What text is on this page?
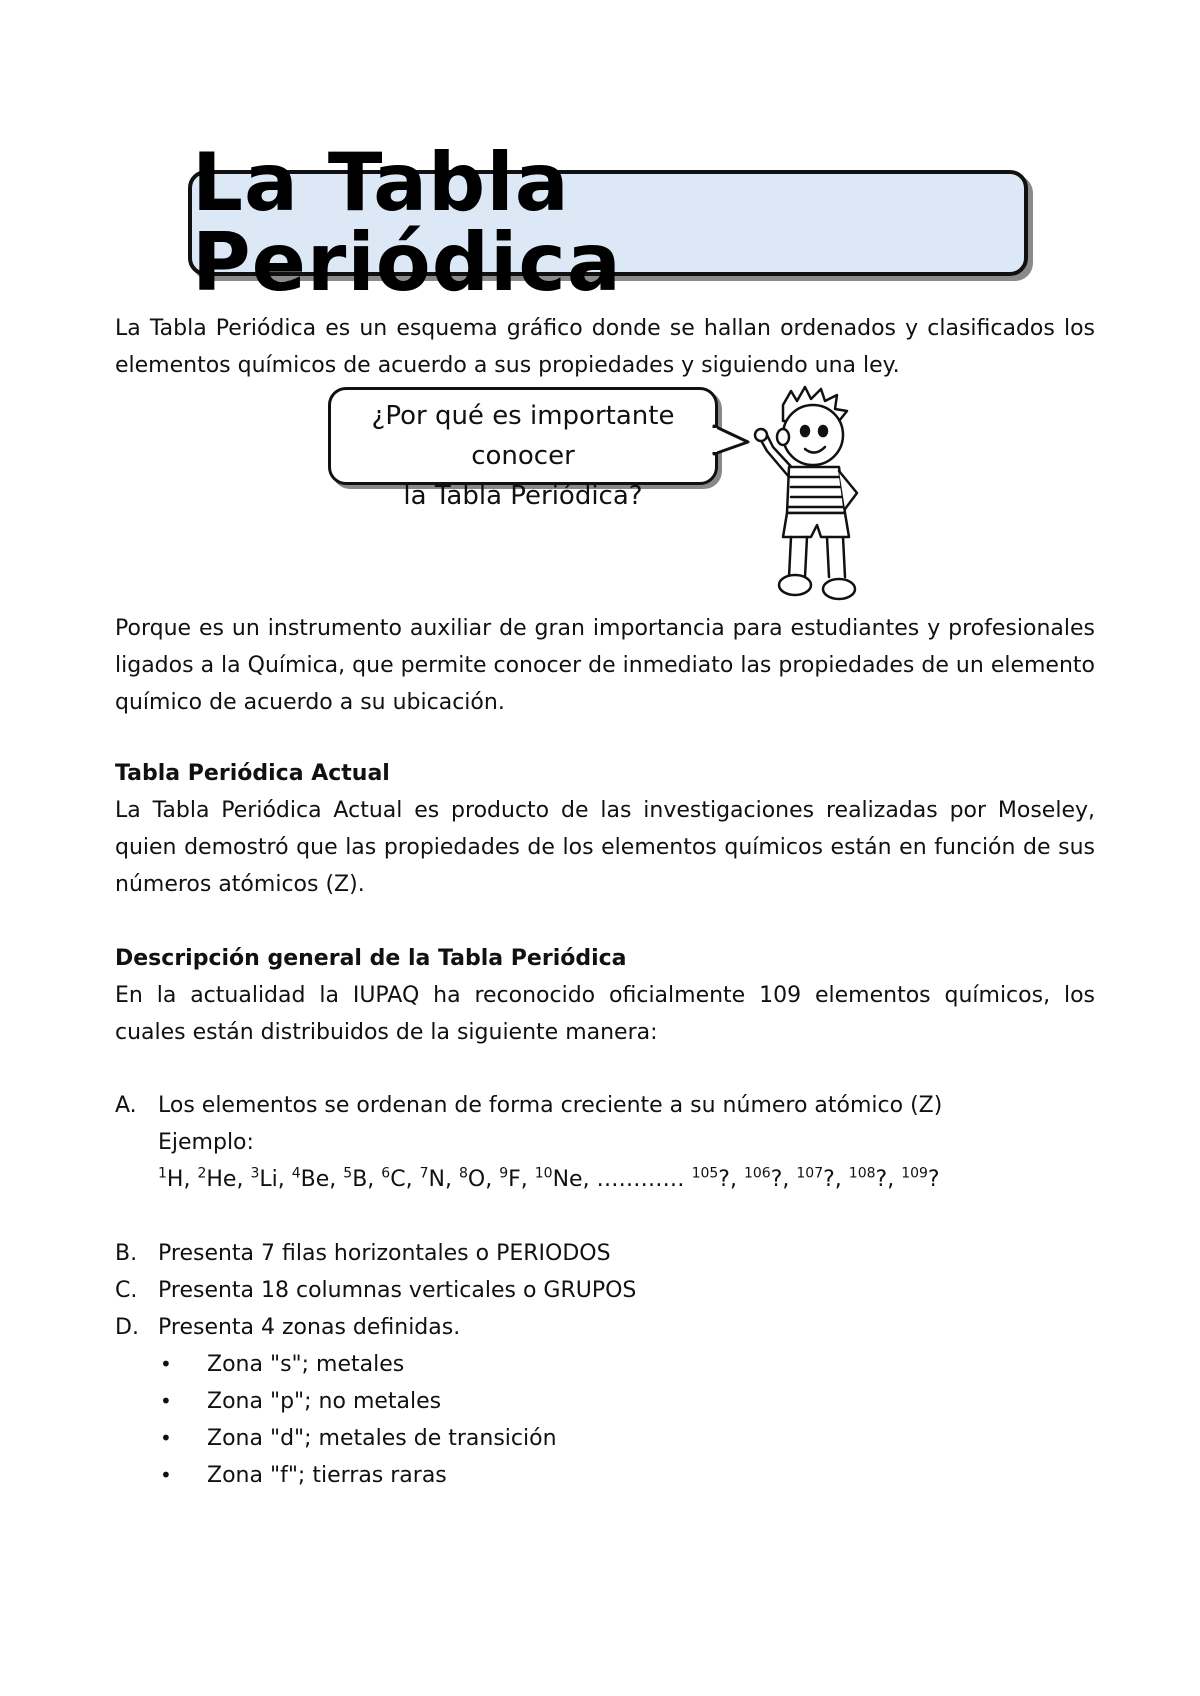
La Tabla Periódica

La Tabla Periódica es un esquema gráfico donde se hallan ordenados y clasificados los elementos químicos de acuerdo a sus propiedades y siguiendo una ley.

¿Por qué es importante conocer
la Tabla Periódica?

Porque es un instrumento auxiliar de gran importancia para estudiantes y profesionales ligados a la Química, que permite conocer de inmediato las propiedades de un elemento químico de acuerdo a su ubicación.

Tabla Periódica Actual

La Tabla Periódica Actual es producto de las investigaciones realizadas por Moseley, quien demostró que las propiedades de los elementos químicos están en función de sus números atómicos (Z).

Descripción general de la Tabla Periódica

En la actualidad la IUPAQ ha reconocido oficialmente 109 elementos químicos, los cuales están distribuidos de la siguiente manera:

A. Los elementos se ordenan de forma creciente a su número atómico (Z)
Ejemplo:
$^1$H, $^2$He, $^3$Li, $^4$Be, $^5$B, $^6$C, $^7$N, $^8$O, $^9$F, $^{10}$Ne, ………… $^{105}$?, $^{106}$?, $^{107}$?, $^{108}$?, $^{109}$?
B. Presenta 7 filas horizontales o PERIODOS
C. Presenta 18 columnas verticales o GRUPOS
D. Presenta 4 zonas definidas.
• Zona "s"; metales
• Zona "p"; no metales
• Zona "d"; metales de transición
• Zona "f"; tierras raras
